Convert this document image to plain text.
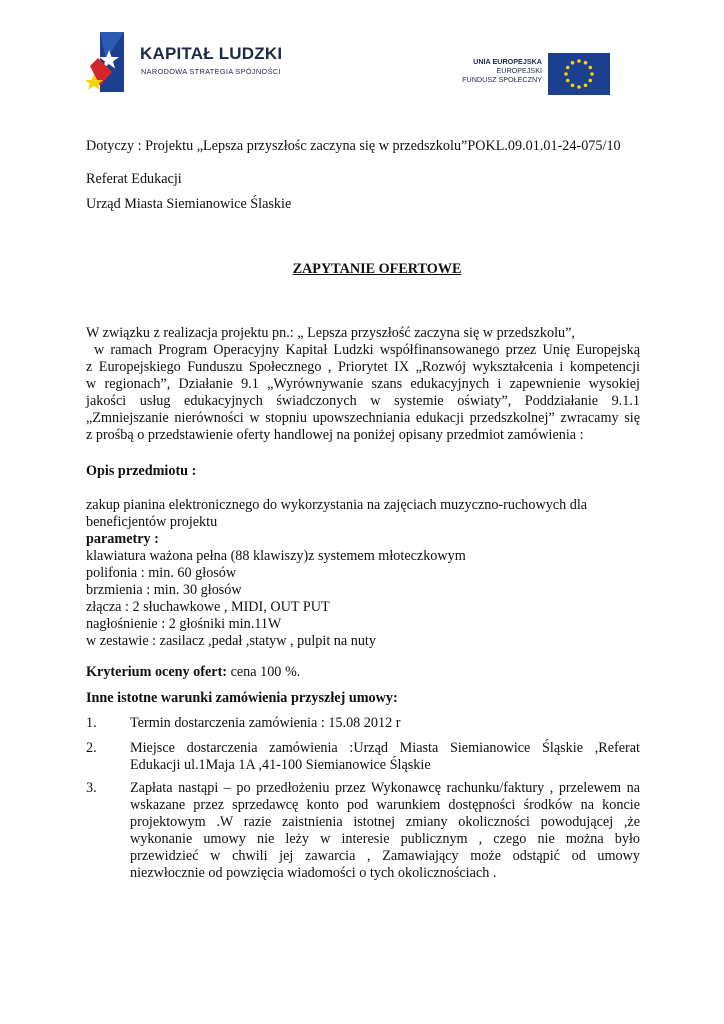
KAPITAŁ LUDZKI
NARODOWA STRATEGIA SPÓJNOŚCI
UNIA EUROPEJSKA
EUROPEJSKI
FUNDUSZ SPOŁECZNY
Dotyczy : Projektu „Lepsza przyszłośc zaczyna się w przedszkolu”POKL.09.01.01-24-075/10
Referat Edukacji
Urząd Miasta Siemianowice Ślaskie
ZAPYTANIE OFERTOWE
W związku z realizacja projektu pn.: „ Lepsza przyszłość zaczyna się w przedszkolu”,
w ramach Program Operacyjny Kapitał Ludzki współfinansowanego przez Unię Europejską
z Europejskiego Funduszu Społecznego , Priorytet IX „Rozwój wykształcenia i kompetencji
w regionach”, Działanie 9.1 „Wyrównywanie szans edukacyjnych i zapewnienie wysokiej
jakości usług edukacyjnych świadczonych w systemie oświaty”, Poddziałanie 9.1.1
„Zmniejszanie nierówności w stopniu upowszechniania edukacji przedszkolnej” zwracamy się
z prośbą o przedstawienie oferty handlowej na poniżej opisany przedmiot zamówienia :
Opis przedmiotu :
zakup pianina elektronicznego do wykorzystania na zajęciach muzyczno-ruchowych dla
beneficjentów projektu
parametry :
klawiatura ważona pełna (88 klawiszy)z systemem młoteczkowym
polifonia : min. 60 głosów
brzmienia : min. 30 głosów
złącza : 2 słuchawkowe , MIDI, OUT PUT
nagłośnienie : 2 głośniki min.11W
w zestawie : zasilacz ,pedał ,statyw , pulpit na nuty
Kryterium oceny ofert: cena 100 %.
Inne istotne warunki zamówienia przyszłej umowy:
1. Termin dostarczenia zamówienia : 15.08 2012 r
2. Miejsce dostarczenia zamówienia :Urząd Miasta Siemianowice Śląskie ,Referat
Edukacji ul.1Maja 1A ,41-100 Siemianowice Śląskie
3. Zapłata nastąpi – po przedłożeniu przez Wykonawcę rachunku/faktury , przelewem na
wskazane przez sprzedawcę konto pod warunkiem dostępności środków na koncie
projektowym .W razie zaistnienia istotnej zmiany okoliczności powodującej ,że
wykonanie umowy nie leży w interesie publicznym , czego nie można było
przewidzieć w chwili jej zawarcia , Zamawiający może odstąpić od umowy
niezwłocznie od powzięcia wiadomości o tych okolicznościach .
